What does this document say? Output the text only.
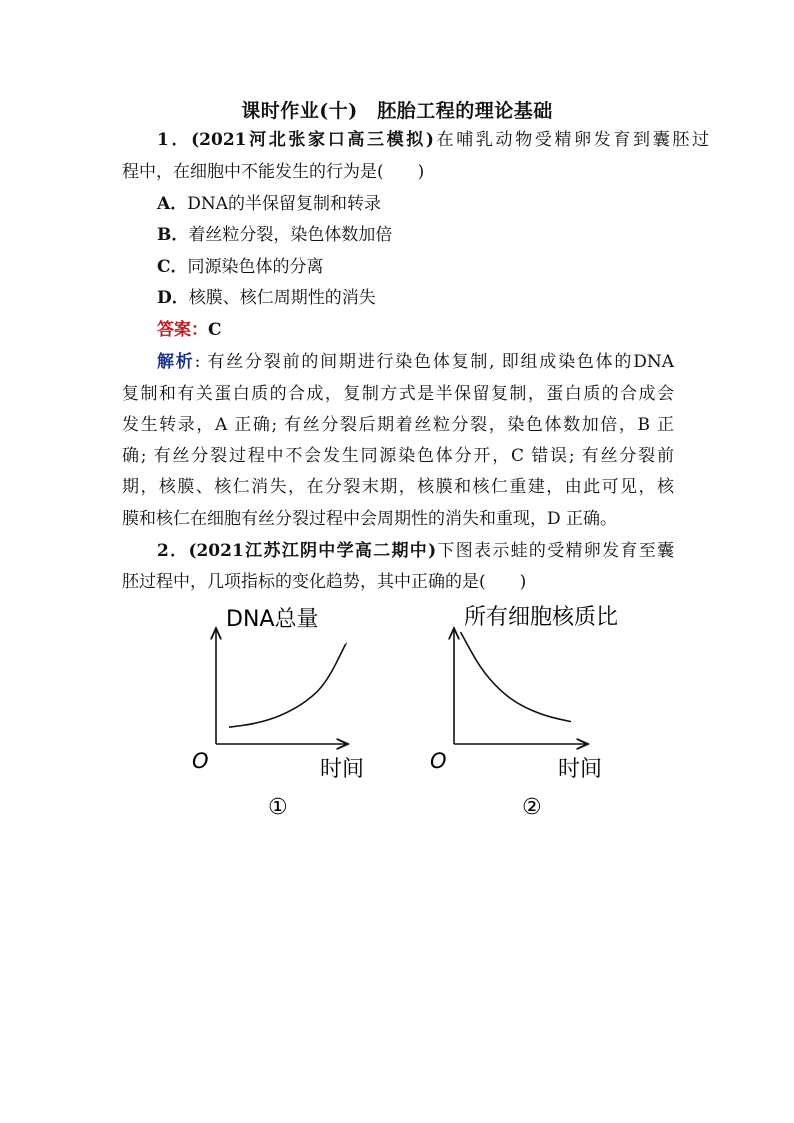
课时作业(十)　胚胎工程的理论基础
1．(2021河北张家口高三模拟)在哺乳动物受精卵发育到囊胚过
程中，在细胞中不能发生的行为是(　　)
A．DNA的半保留复制和转录
B．着丝粒分裂，染色体数加倍
C．同源染色体的分离
D．核膜、核仁周期性的消失
答案：C
解析: 有丝分裂前的间期进行染色体复制, 即组成染色体的DNA
复制和有关蛋白质的合成，复制方式是半保留复制，蛋白质的合成会
发生转录，A 正确; 有丝分裂后期着丝粒分裂，染色体数加倍，B 正
确; 有丝分裂过程中不会发生同源染色体分开，C 错误; 有丝分裂前
期，核膜、核仁消失，在分裂末期，核膜和核仁重建，由此可见，核
膜和核仁在细胞有丝分裂过程中会周期性的消失和重现，D 正确。
2．(2021江苏江阴中学高二期中)下图表示蛙的受精卵发育至囊
胚过程中，几项指标的变化趋势，其中正确的是(　　)
DNA总量
O	时间
①
所有细胞核质比
O	时间
②
